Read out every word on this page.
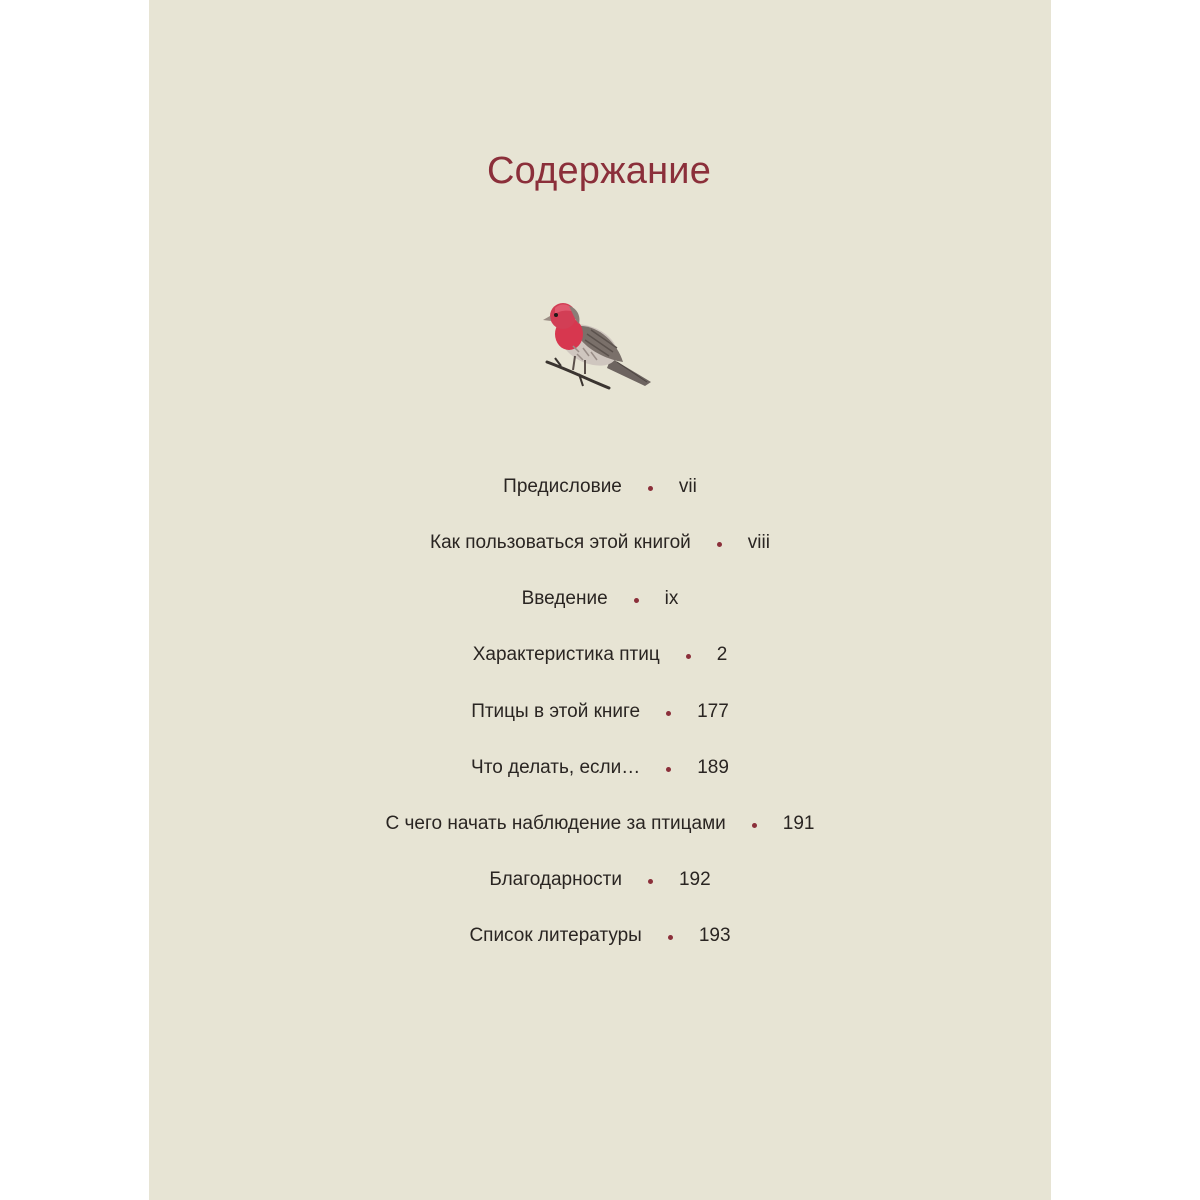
Содержание
Предисловие	vii
Как пользоваться этой книгой	viii
Введение	ix
Характеристика птиц	2
Птицы в этой книге	177
Что делать, если…	189
С чего начать наблюдение за птицами	191
Благодарности	192
Список литературы	193
